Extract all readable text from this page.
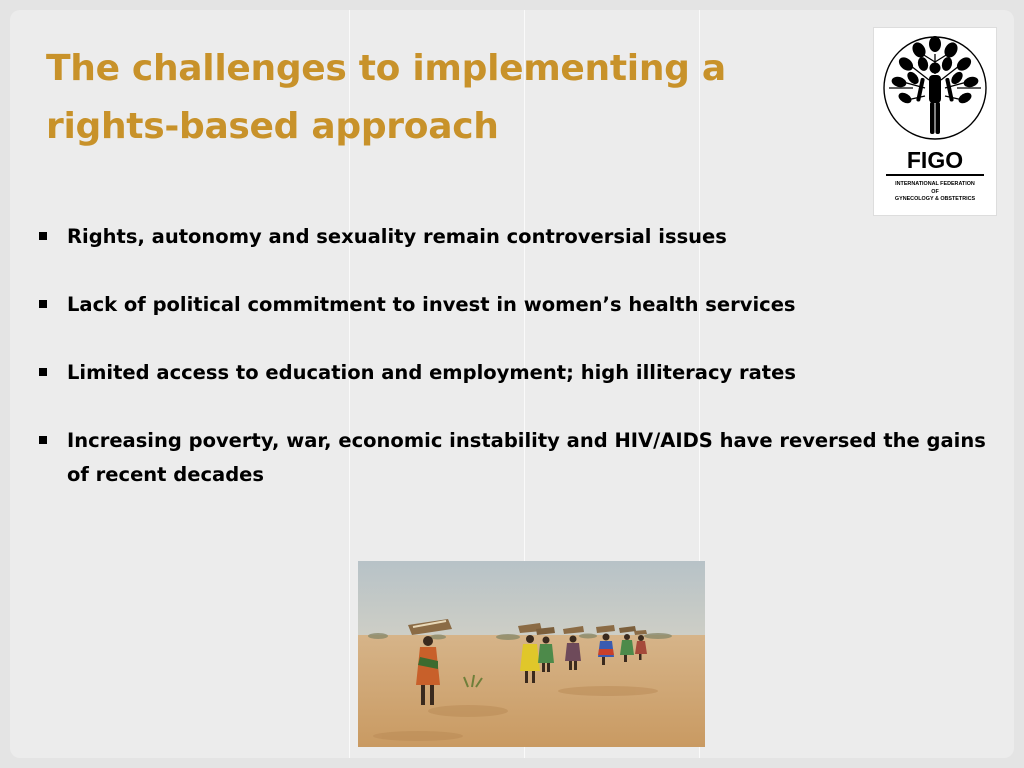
The challenges to implementing a rights-based approach
FIGO
INTERNATIONAL FEDERATION
OF
GYNECOLOGY & OBSTETRICS
Rights, autonomy and sexuality remain controversial issues
Lack of political commitment to invest in women’s health services
Limited access to education and employment; high illiteracy rates
Increasing poverty, war, economic instability and HIV/AIDS have reversed the gains of recent decades
